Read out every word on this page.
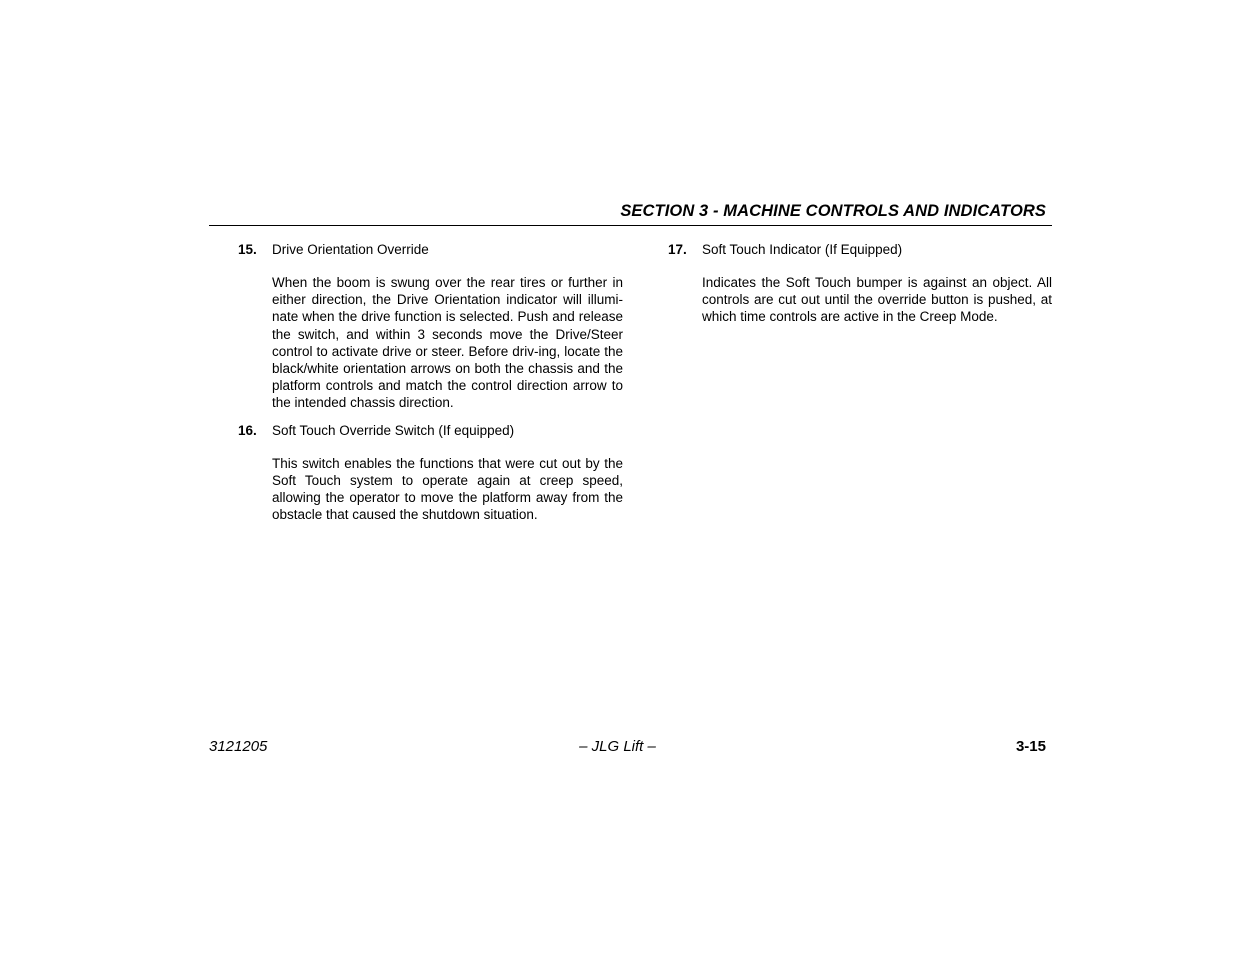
SECTION 3 - MACHINE CONTROLS AND INDICATORS
15. Drive Orientation Override
When the boom is swung over the rear tires or further in either direction, the Drive Orientation indicator will illumi-nate when the drive function is selected. Push and release the switch, and within 3 seconds move the Drive/Steer control to activate drive or steer. Before driv-ing, locate the black/white orientation arrows on both the chassis and the platform controls and match the control direction arrow to the intended chassis direction.
16. Soft Touch Override Switch (If equipped)
This switch enables the functions that were cut out by the Soft Touch system to operate again at creep speed, allowing the operator to move the platform away from the obstacle that caused the shutdown situation.
17. Soft Touch Indicator (If Equipped)
Indicates the Soft Touch bumper is against an object. All controls are cut out until the override button is pushed, at which time controls are active in the Creep Mode.
3121205	– JLG Lift –	3-15
